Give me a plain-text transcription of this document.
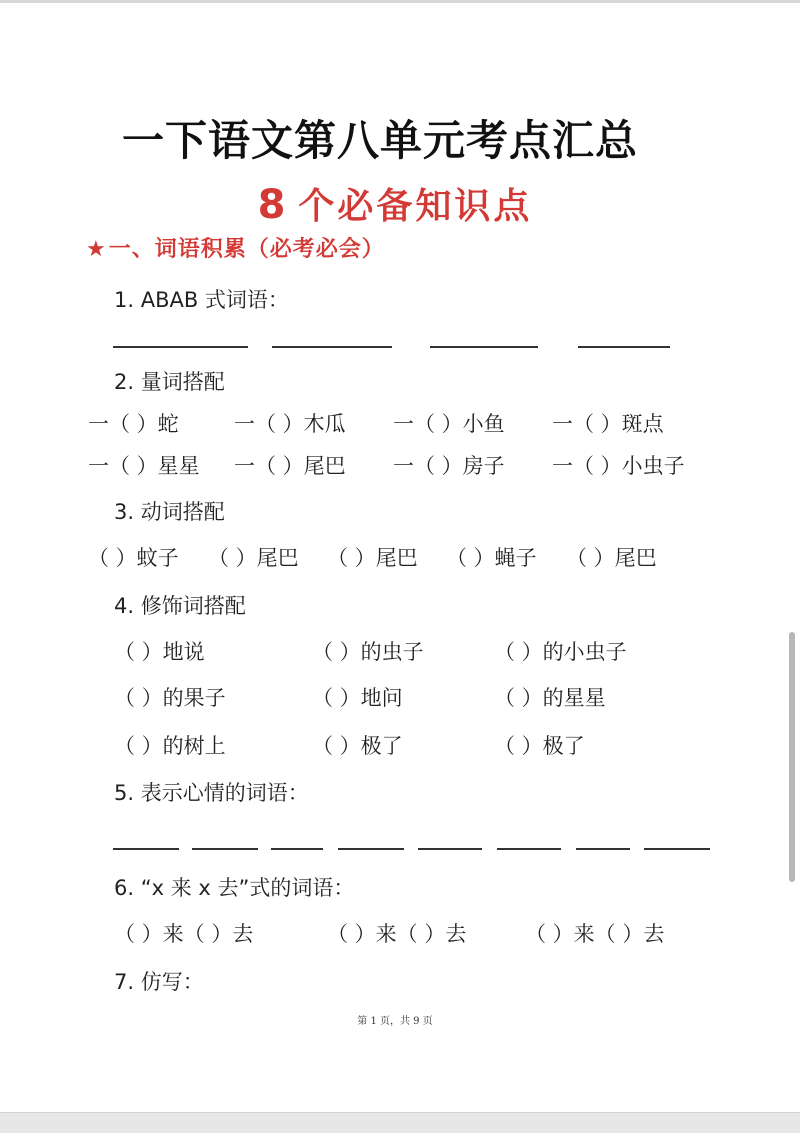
一下语文第八单元考点汇总
8 个必备知识点
★一、词语积累（必考必会）
1. ABAB 式词语：
2. 量词搭配
一（ ）蛇	一（ ）木瓜 一（ ）小鱼 一（ ）斑点
一（ ）星星 一（ ）尾巴 一（ ）房子 一（ ）小虫子
3. 动词搭配
（ ）蚊子 （ ）尾巴 （ ）尾巴 （ ）蝇子 （ ）尾巴
4. 修饰词搭配
（ ）地说	（ ）的虫子	（ ）的小虫子
（ ）的果子	（ ）地问	（ ）的星星
（ ）的树上	（ ）极了	（ ）极了
5. 表示心情的词语：
6. “x 来 x 去”式的词语：
（ ）来（ ）去	（ ）来（ ）去	（ ）来（ ）去
7. 仿写：
第 1 页，共 9 页
